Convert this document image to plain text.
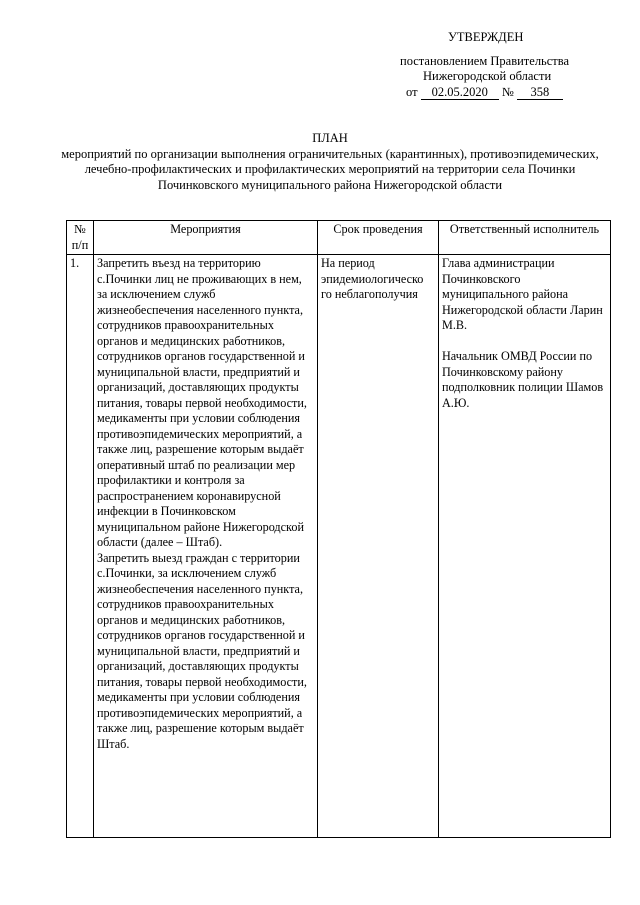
УТВЕРЖДЕН
постановлением Правительства
Нижегородской области
от 02.05.2020 № 358
ПЛАН
мероприятий по организации выполнения ограничительных (карантинных), противоэпидемических, лечебно-профилактических и профилактических мероприятий на территории села Починки Починковского муниципального района Нижегородской области
№
п/п	Мероприятия	Срок проведения	Ответственный исполнитель
1.	Запретить въезд на территорию с.Починки лиц не проживающих в нем, за исключением служб жизнеобеспечения населенного пункта, сотрудников правоохранительных органов и медицинских работников, сотрудников органов государственной и муниципальной власти, предприятий и организаций, доставляющих продукты питания, товары первой необходимости, медикаменты при условии соблюдения противоэпидемических мероприятий, а также лиц, разрешение которым выдаёт оперативный штаб по реализации мер профилактики и контроля за распространением коронавирусной инфекции в Починковском муниципальном районе Нижегородской области (далее – Штаб).
Запретить выезд граждан с территории с.Починки, за исключением служб жизнеобеспечения населенного пункта, сотрудников правоохранительных органов и медицинских работников, сотрудников органов государственной и муниципальной власти, предприятий и организаций, доставляющих продукты питания, товары первой необходимости, медикаменты при условии соблюдения противоэпидемических мероприятий, а также лиц, разрешение которым выдаёт Штаб.	На период эпидемиологическо го неблагополучия	Глава администрации Починковского муниципального района Нижегородской области Ларин М.В.

Начальник ОМВД России по Починковскому району подполковник полиции Шамов А.Ю.
